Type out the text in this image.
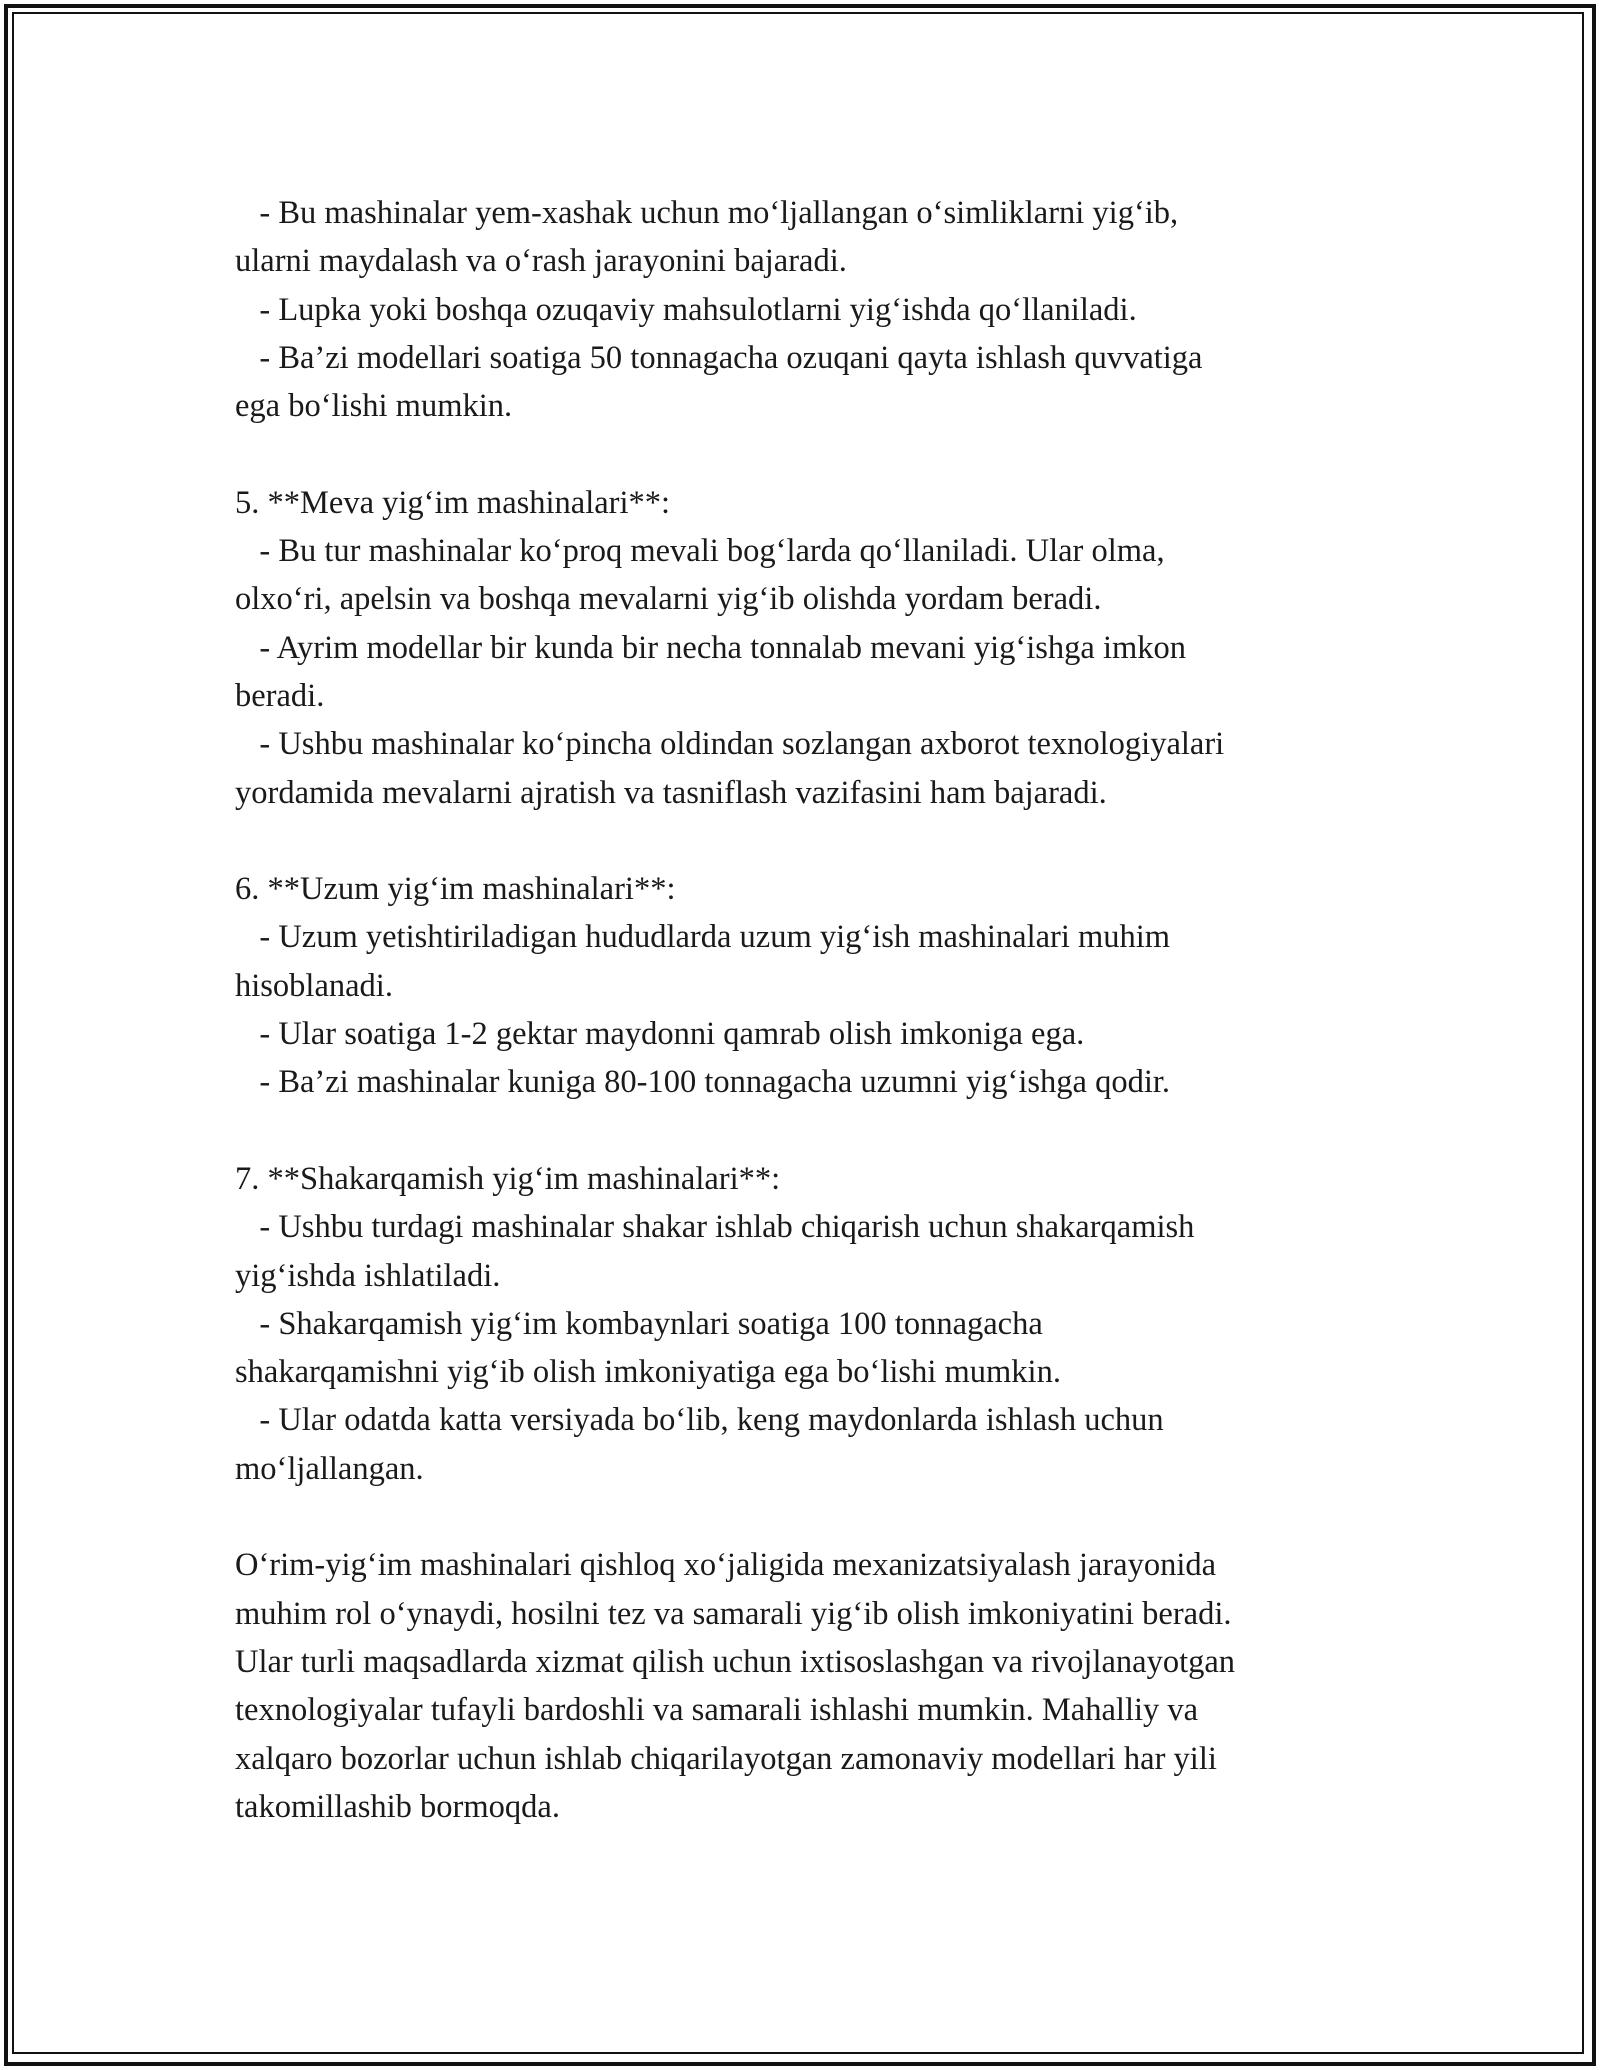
- Bu mashinalar yem-xashak uchun mo‘ljallangan o‘simliklarni yig‘ib,
ularni maydalash va o‘rash jarayonini bajaradi.
- Lupka yoki boshqa ozuqaviy mahsulotlarni yig‘ishda qo‘llaniladi.
- Ba’zi modellari soatiga 50 tonnagacha ozuqani qayta ishlash quvvatiga
ega bo‘lishi mumkin.
5. **Meva yig‘im mashinalari**:
- Bu tur mashinalar ko‘proq mevali bog‘larda qo‘llaniladi. Ular olma,
olxo‘ri, apelsin va boshqa mevalarni yig‘ib olishda yordam beradi.
- Ayrim modellar bir kunda bir necha tonnalab mevani yig‘ishga imkon
beradi.
- Ushbu mashinalar ko‘pincha oldindan sozlangan axborot texnologiyalari
yordamida mevalarni ajratish va tasniflash vazifasini ham bajaradi.
6. **Uzum yig‘im mashinalari**:
- Uzum yetishtiriladigan hududlarda uzum yig‘ish mashinalari muhim
hisoblanadi.
- Ular soatiga 1-2 gektar maydonni qamrab olish imkoniga ega.
- Ba’zi mashinalar kuniga 80-100 tonnagacha uzumni yig‘ishga qodir.
7. **Shakarqamish yig‘im mashinalari**:
- Ushbu turdagi mashinalar shakar ishlab chiqarish uchun shakarqamish
yig‘ishda ishlatiladi.
- Shakarqamish yig‘im kombaynlari soatiga 100 tonnagacha
shakarqamishni yig‘ib olish imkoniyatiga ega bo‘lishi mumkin.
- Ular odatda katta versiyada bo‘lib, keng maydonlarda ishlash uchun
mo‘ljallangan.
O‘rim-yig‘im mashinalari qishloq xo‘jaligida mexanizatsiyalash jarayonida
muhim rol o‘ynaydi, hosilni tez va samarali yig‘ib olish imkoniyatini beradi.
Ular turli maqsadlarda xizmat qilish uchun ixtisoslashgan va rivojlanayotgan
texnologiyalar tufayli bardoshli va samarali ishlashi mumkin. Mahalliy va
xalqaro bozorlar uchun ishlab chiqarilayotgan zamonaviy modellari har yili
takomillashib bormoqda.
